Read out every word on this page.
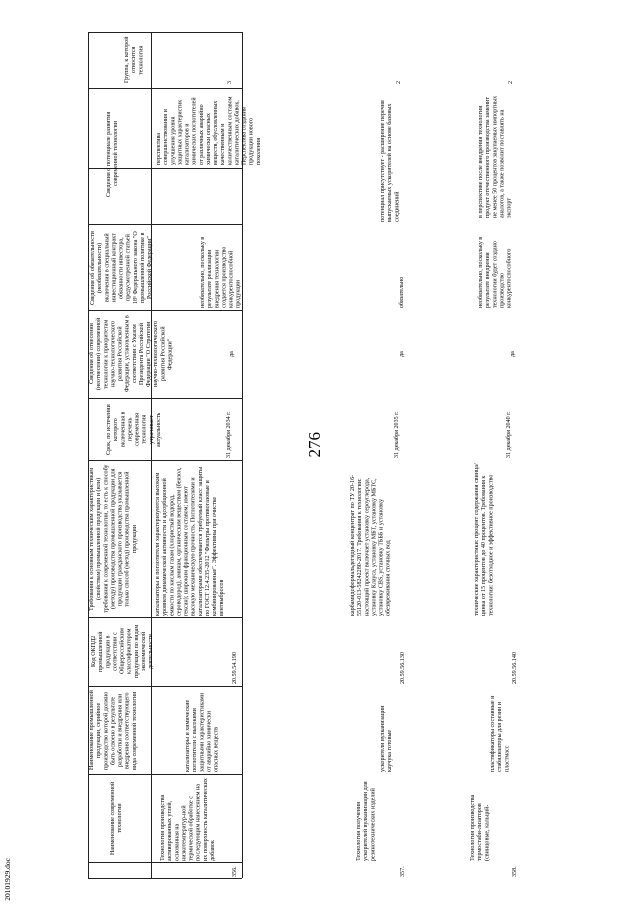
276
20101929.doc
Группа, к которой относится технология
Сведения о потенциале развития современной технологии
Сведения об обязательности (необязательности) включения в специальный инвестиционный контракт обязанности инвестора, предусмотренной статьей 18¹ Федерального закона "О промышленной политике в Российской Федерации"
Сведения об отнесении (неотнесении) современной технологии к приоритетам научно-технологического развития Российской Федерации, установленным в соответствии с Указом Президента Российской Федерации "О Стратегии научно-технологического развития Российской Федерации"
Срок, по истечении которого включенная в перечень современная технология утрачивает актуальность
Требования к основным техническим характеристикам (свойствам) промышленной продукции и (или) требования к современной технологии, то есть к способу (методу) производства промышленной продукции для продукции гражданского производства указывается только способ (метод) производства промышленной продукции
Код ОКПД2 промышленной продукции в соответствии с Общероссийским классификатором продукции по видам экономической деятельности
Наименование промышленной продукции, серийное производство которой должно быть освоено в результате разработки и внедрения или внедрения соответствующего вида современной технологии
Наименование современной технологии
3
перспектива совершенствования и улучшения уровня защитных характеристик катализаторов и химических поглотителей от различных аварийно химически опасных веществ, обусловленных качественным и количественным составом каталитических добавок. Перспектива создания продукции нового поколения
необязательно, поскольку в результате реализации внедрения технологии создается производство конкурентоспособной продукции
да
31 декабря 2034 г.
катализаторы и поглотители характеризуются высоким уровнем динамической активности и адсорбционной емкости по кислым газам (хлористый водород, сероводород), аминам, органическим веществам (бензол, гексан); широким фракционным составом; имеют высокую механическую прочность. Поглотителями и катализаторами обеспечивается требуемый класс защиты по ГОСТ 12.4.235-2012 "Фильтры противогазовые и комбинированные". Эффективны при очистке вентвыбросов
20.59.54.190
катализаторы и химические поглотители с высокими защитными характеристиками от аварийно химически опасных веществ
Технология производства активированных углей, основанная на низкотемператур-ной термической обработке с последующим нанесением на их поверхность каталитических добавок
356.
2
потенциал присутствует - расширение перечня выпускаемых ускорителей на основе базовых соединений
обязательно
да
31 декабря 2035 г.
карбамидоформальдегидный концентрат по ТУ 20-16-55120-013-58242280-2017. Требования к технологии: настоящий проект включает установку сероуглерода, установку Клауса, установку МБТ, установку МБТС, установку CBS, установку ТБББ и установку обезвреживания сточных вод
20.59.56.130
ускорители вулканизации каучука готовые
Технология получения ускорителей вулканизации для резинотехнических изделий
357.
2
в перспективе после внедрения технологии продукт отечественного производства заменит не менее 50 процентов закупаемых импортных аналогов, а также позволит поставлять на экспорт
необязательно, поскольку в результате внедрения технологии будет создано производство конкурентоспособного
да
31 декабря 2040 г.
технические характеристики: процент содержания свинца/цинка от 15 процентов до 40 процентов. Требования к технологии: безотходное и эффективное производство
20.59.56.140
пластификаторы составные и стабилизаторы для резин и пластмасс
Технология производства термостаби-лизаторов (свинцовые, кальций-
358.
